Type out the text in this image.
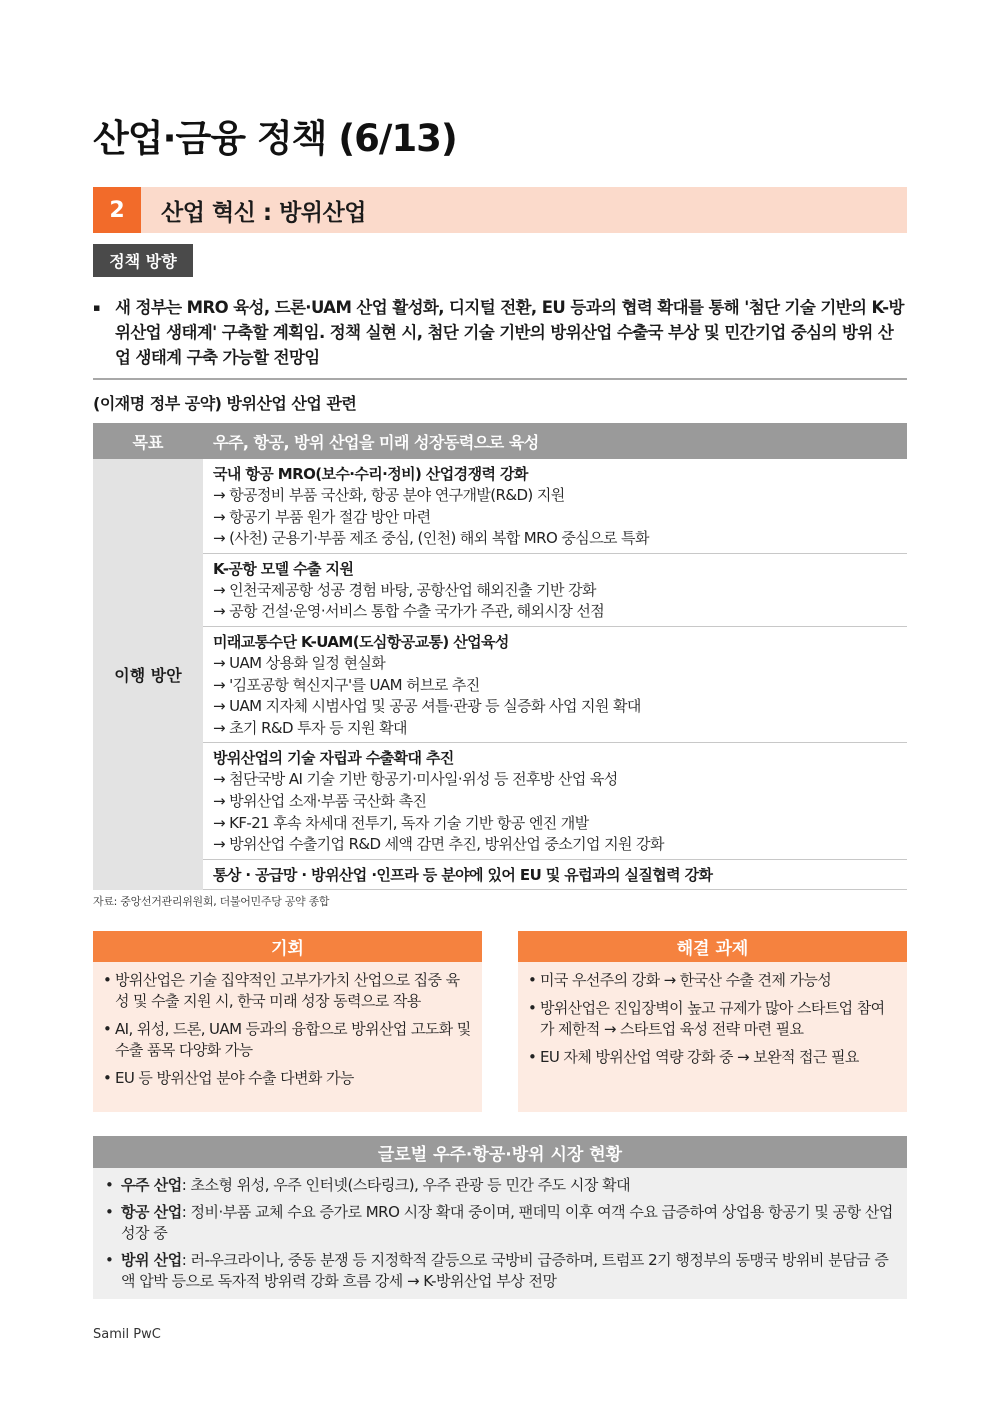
산업·금융 정책 (6/13)
2	산업 혁신 : 방위산업
정책 방향
▪ 새 정부는 MRO 육성, 드론·UAM 산업 활성화, 디지털 전환, EU 등과의 협력 확대를 통해 '첨단 기술 기반의 K-방위산업 생태계' 구축할 계획임. 정책 실현 시, 첨단 기술 기반의 방위산업 수출국 부상 및 민간기업 중심의 방위 산업 생태계 구축 가능할 전망임
(이재명 정부 공약) 방위산업 산업 관련
목표	우주, 항공, 방위 산업을 미래 성장동력으로 육성
이행 방안
국내 항공 MRO(보수·수리·정비) 산업경쟁력 강화
→ 항공정비 부품 국산화, 항공 분야 연구개발(R&D) 지원
→ 항공기 부품 원가 절감 방안 마련
→ (사천) 군용기·부품 제조 중심, (인천) 해외 복합 MRO 중심으로 특화
K-공항 모델 수출 지원
→ 인천국제공항 성공 경험 바탕, 공항산업 해외진출 기반 강화
→ 공항 건설·운영·서비스 통합 수출 국가가 주관, 해외시장 선점
미래교통수단 K-UAM(도심항공교통) 산업육성
→ UAM 상용화 일정 현실화
→ '김포공항 혁신지구'를 UAM 허브로 추진
→ UAM 지자체 시범사업 및 공공 셔틀·관광 등 실증화 사업 지원 확대
→ 초기 R&D 투자 등 지원 확대
방위산업의 기술 자립과 수출확대 추진
→ 첨단국방 AI 기술 기반 항공기·미사일·위성 등 전후방 산업 육성
→ 방위산업 소재·부품 국산화 촉진
→ KF-21 후속 차세대 전투기, 독자 기술 기반 항공 엔진 개발
→ 방위산업 수출기업 R&D 세액 감면 추진, 방위산업 중소기업 지원 강화
통상 · 공급망 · 방위산업 ·인프라 등 분야에 있어 EU 및 유럽과의 실질협력 강화
자료: 중앙선거관리위원회, 더불어민주당 공약 종합
기회
• 방위산업은 기술 집약적인 고부가가치 산업으로 집중 육성 및 수출 지원 시, 한국 미래 성장 동력으로 작용
• AI, 위성, 드론, UAM 등과의 융합으로 방위산업 고도화 및 수출 품목 다양화 가능
• EU 등 방위산업 분야 수출 다변화 가능
해결 과제
• 미국 우선주의 강화 → 한국산 수출 견제 가능성
• 방위산업은 진입장벽이 높고 규제가 많아 스타트업 참여가 제한적 → 스타트업 육성 전략 마련 필요
• EU 자체 방위산업 역량 강화 중 → 보완적 접근 필요
글로벌 우주·항공·방위 시장 현황
• 우주 산업: 초소형 위성, 우주 인터넷(스타링크), 우주 관광 등 민간 주도 시장 확대
• 항공 산업: 정비·부품 교체 수요 증가로 MRO 시장 확대 중이며, 팬데믹 이후 여객 수요 급증하여 상업용 항공기 및 공항 산업 성장 중
• 방위 산업: 러-우크라이나, 중동 분쟁 등 지정학적 갈등으로 국방비 급증하며, 트럼프 2기 행정부의 동맹국 방위비 분담금 증액 압박 등으로 독자적 방위력 강화 흐름 강세 → K-방위산업 부상 전망
Samil PwC
